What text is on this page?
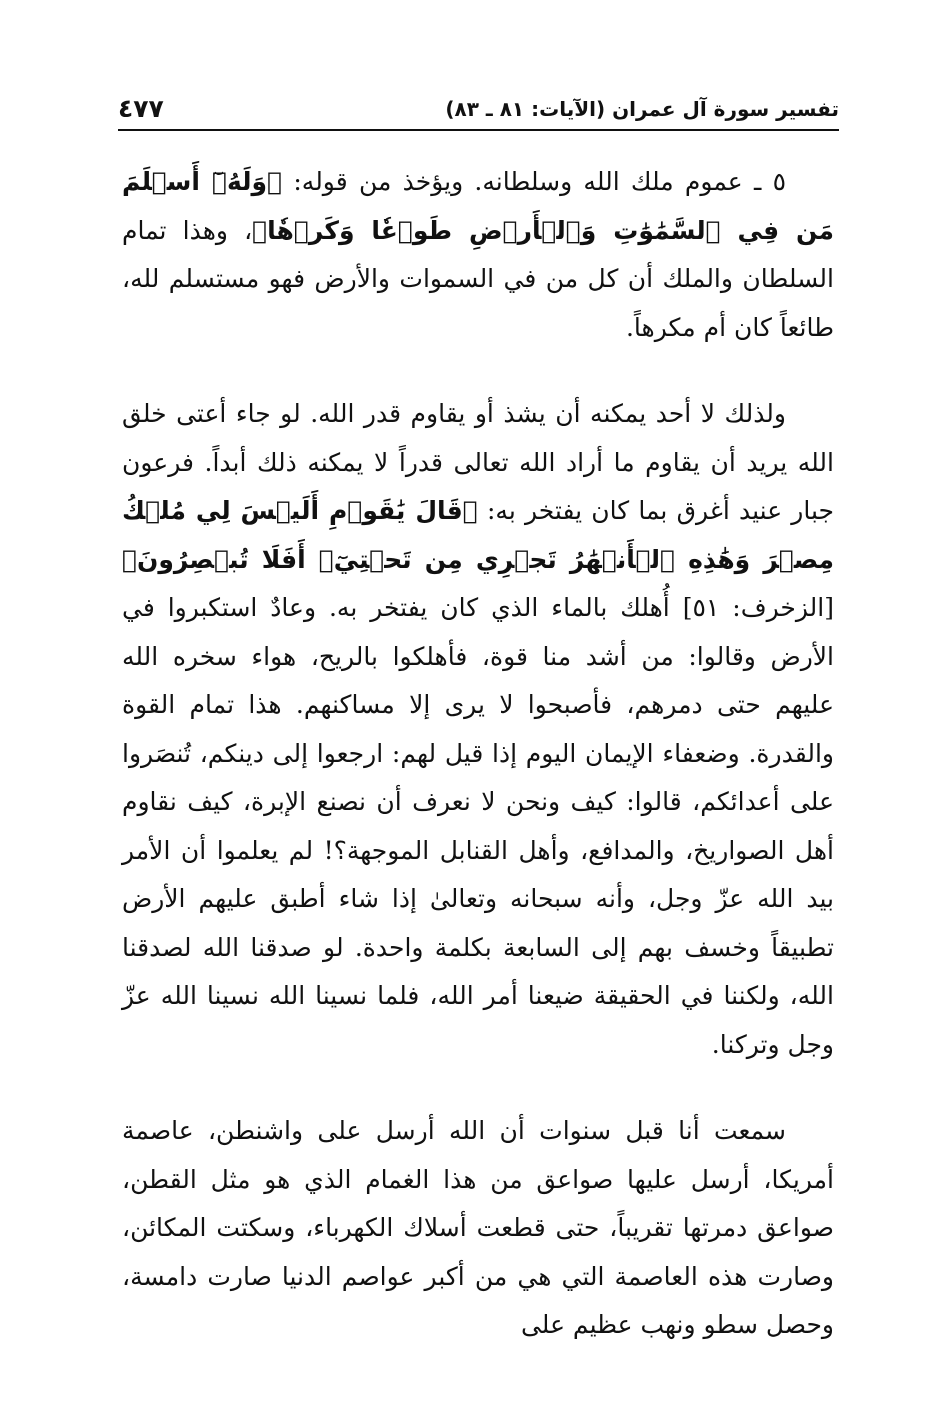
تفسير سورة آل عمران (الآيات: ٨١ ـ ٨٣)
٤٧٧

٥ ـ عموم ملك الله وسلطانه. ويؤخذ من قوله: ﴿وَلَهُۥٓ أَسۡلَمَ مَن فِي ٱلسَّمَٰوَٰتِ وَٱلۡأَرۡضِ طَوۡعٗا وَكَرۡهٗا﴾، وهذا تمام السلطان والملك أن كل من في السموات والأرض فهو مستسلم لله، طائعاً كان أم مكرهاً.

ولذلك لا أحد يمكنه أن يشذ أو يقاوم قدر الله. لو جاء أعتى خلق الله يريد أن يقاوم ما أراد الله تعالى قدراً لا يمكنه ذلك أبداً. فرعون جبار عنيد أغرق بما كان يفتخر به: ﴿قَالَ يَٰقَوۡمِ أَلَيۡسَ لِي مُلۡكُ مِصۡرَ وَهَٰذِهِ ٱلۡأَنۡهَٰرُ تَجۡرِي مِن تَحۡتِيٓۚ أَفَلَا تُبۡصِرُونَ﴾ [الزخرف: ٥١] أُهلك بالماء الذي كان يفتخر به. وعادٌ استكبروا في الأرض وقالوا: من أشد منا قوة، فأهلكوا بالريح، هواء سخره الله عليهم حتى دمرهم، فأصبحوا لا يرى إلا مساكنهم. هذا تمام القوة والقدرة. وضعفاء الإيمان اليوم إذا قيل لهم: ارجعوا إلى دينكم، تُنصَروا على أعدائكم، قالوا: كيف ونحن لا نعرف أن نصنع الإبرة، كيف نقاوم أهل الصواريخ، والمدافع، وأهل القنابل الموجهة؟! لم يعلموا أن الأمر بيد الله عزّ وجل، وأنه سبحانه وتعالىٰ إذا شاء أطبق عليهم الأرض تطبيقاً وخسف بهم إلى السابعة بكلمة واحدة. لو صدقنا الله لصدقنا الله، ولكننا في الحقيقة ضيعنا أمر الله، فلما نسينا الله نسينا الله عزّ وجل وتركنا.

سمعت أنا قبل سنوات أن الله أرسل على واشنطن، عاصمة أمريكا، أرسل عليها صواعق من هذا الغمام الذي هو مثل القطن، صواعق دمرتها تقريباً، حتى قطعت أسلاك الكهرباء، وسكتت المكائن، وصارت هذه العاصمة التي هي من أكبر عواصم الدنيا صارت دامسة، وحصل سطو ونهب عظيم على
